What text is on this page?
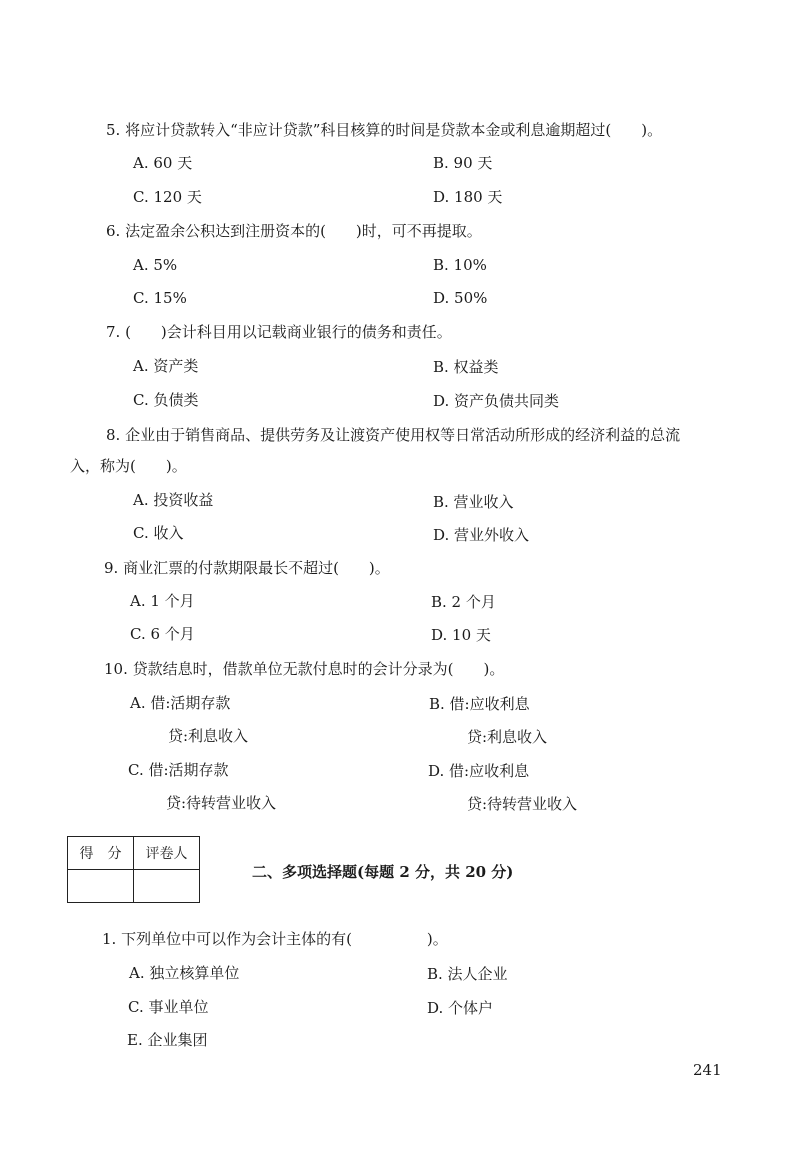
5. 将应计贷款转入“非应计贷款”科目核算的时间是贷款本金或利息逾期超过(　　)。
A. 60 天	B. 90 天
C. 120 天	D. 180 天
6. 法定盈余公积达到注册资本的(　　)时，可不再提取。
A. 5%	B. 10%
C. 15%	D. 50%
7. (　　)会计科目用以记载商业银行的债务和责任。
A. 资产类	B. 权益类
C. 负债类	D. 资产负债共同类
8. 企业由于销售商品、提供劳务及让渡资产使用权等日常活动所形成的经济利益的总流
入，称为(　　)。
A. 投资收益	B. 营业收入
C. 收入	D. 营业外收入
9. 商业汇票的付款期限最长不超过(　　)。
A. 1 个月	B. 2 个月
C. 6 个月	D. 10 天
10. 贷款结息时，借款单位无款付息时的会计分录为(　　)。
A. 借:活期存款	B. 借:应收利息
贷:利息收入	贷:利息收入
C. 借:活期存款	D. 借:应收利息
贷:待转营业收入	贷:待转营业收入
得　分	评卷人
二、多项选择题(每题 2 分，共 20 分)
1. 下列单位中可以作为会计主体的有(　　　　　)。
A. 独立核算单位	B. 法人企业
C. 事业单位	D. 个体户
E. 企业集团
241
